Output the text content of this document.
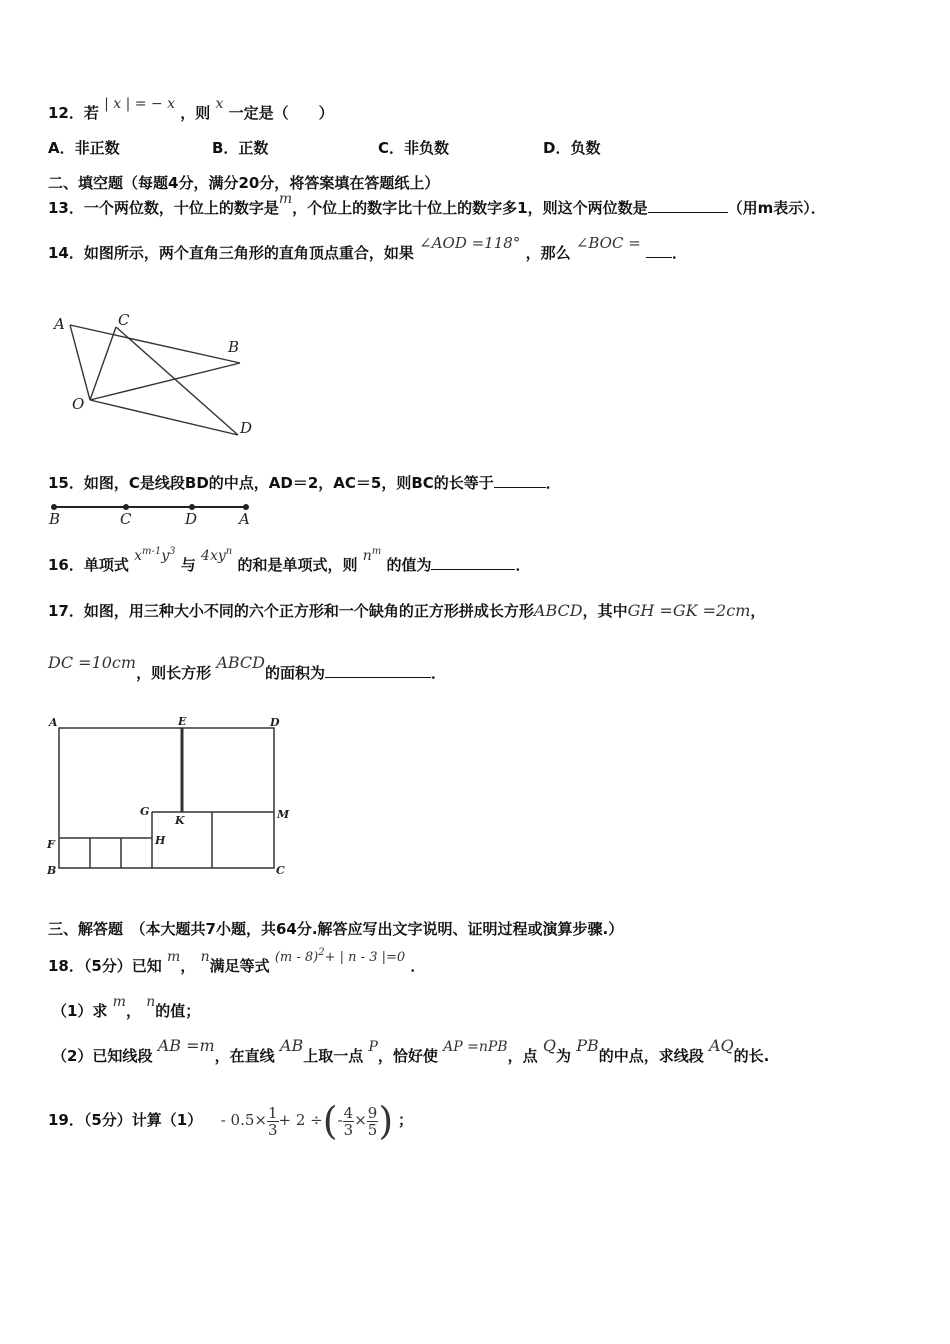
12．若 | x | = − x ，则 x 一定是（　　）
A．非正数	B．正数	C．非负数	D．负数
二、填空题（每题4分，满分20分，将答案填在答题纸上）
13．一个两位数，十位上的数字是m，个位上的数字比十位上的数字多1，则这个两位数是	（用m表示）．
14．如图所示，两个直角三角形的直角顶点重合，如果 ∠AOD =118° ，那么 ∠BOC = ．
A	C
B
O
D
15．如图，C是线段BD的中点，AD＝2，AC＝5，则BC的长等于	．
B	C	D	A
16．单项式 $x^{m-1}y^3$ 与 $4xy^n$ 的和是单项式，则 $n^m$ 的值为	．
17．如图，用三种大小不同的六个正方形和一个缺角的正方形拼成长方形ABCD，其中GH =GK =2cm，
DC =10cm，则长方形 ABCD的面积为	．
A	E	D
G
K	M
F	H
B	C
三、解答题　（本大题共7小题，共64分.解答应写出文字说明、证明过程或演算步骤.）
18．（5分）已知 m， n满足等式 (m - 8)$^2$+ | n - 3 |=0 ．
（1）求 m， n的值；
（2）已知线段 AB =m，在直线 AB上取一点 P，恰好使 AP =nPB，点 Q为 PB的中点，求线段 AQ的长.
19．（5分）计算$(1) - 0.5\times \frac{1}{3} + 2$ ÷(- $\frac{4}{3} \times \frac{9}{5}$ ) ；
